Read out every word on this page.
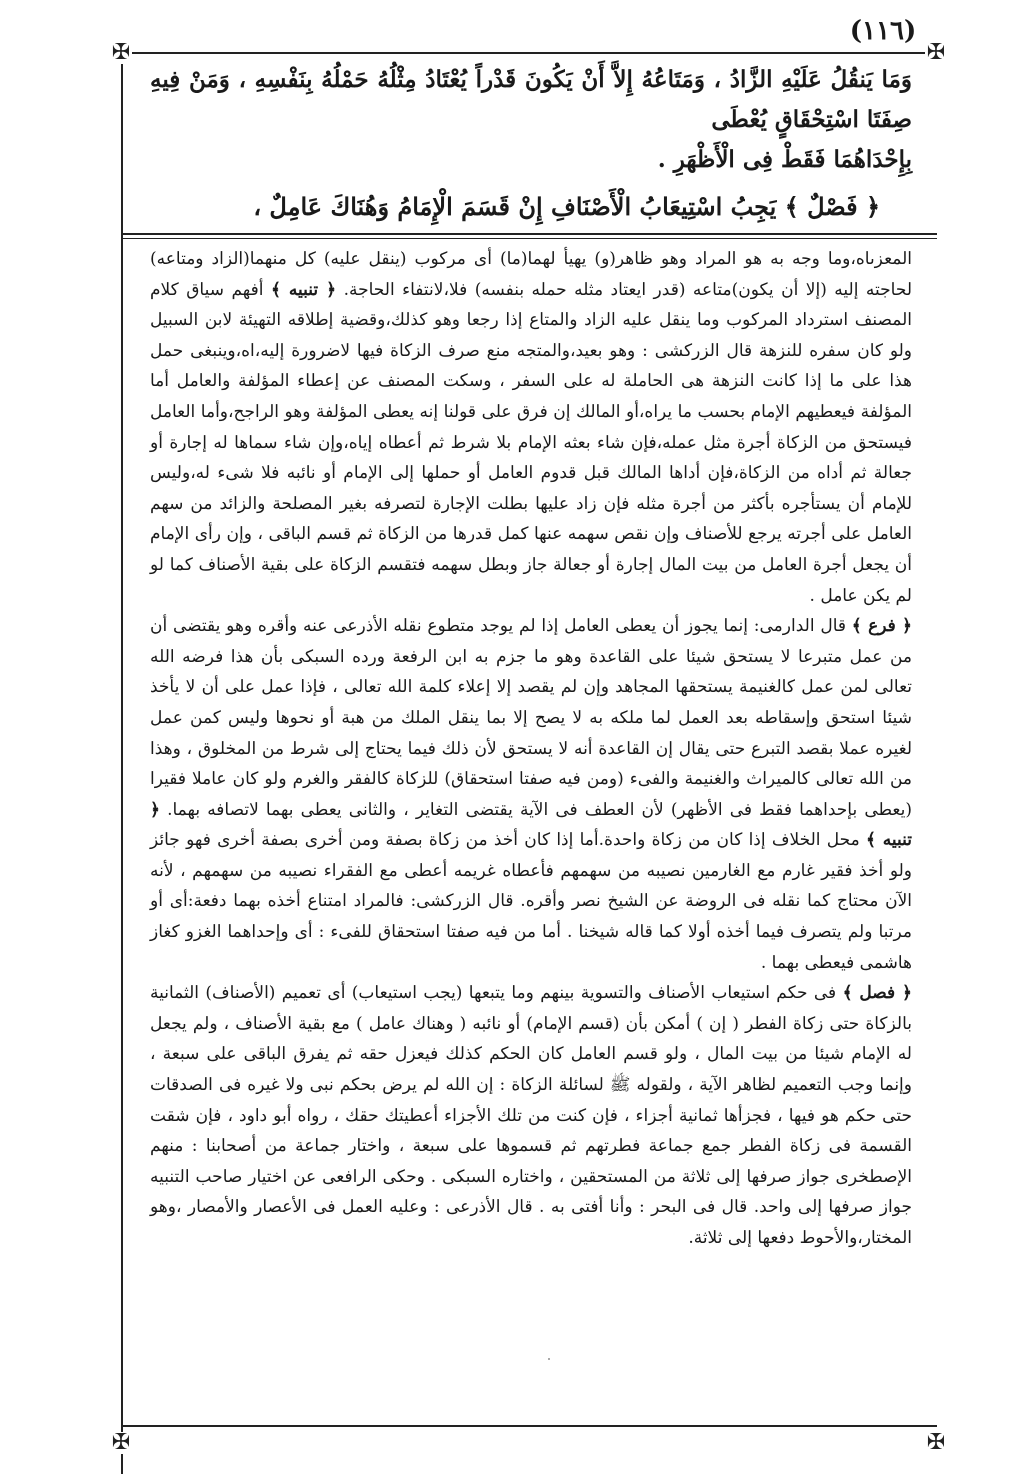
(١١٦)
✠	✠
✠	✠

وَمَا يَنقُلُ عَلَيْهِ الزَّادُ ، وَمَتَاعُهُ إِلاَّ أَنْ يَكُونَ قَدْراً يُعْتَادُ مِثْلُهُ حَمْلُهُ بِنَفْسِهِ ، وَمَنْ فِيهِ صِفَتَا اسْتِحْقَاقٍ يُعْطَى

بِإِحْدَاهُمَا فَقَطْ فِى الْأَظْهَرِ .

﴿ فَصْلٌ ﴾ يَجِبُ اسْتِيعَابُ الْأَصْنَافِ إِنْ قَسَمَ الْإِمَامُ وَهُنَاكَ عَامِلٌ ،

المعزىاه،وما وجه به هو المراد وهو ظاهر(و) يهيأ لهما(ما) أى مركوب (ينقل عليه) كل منهما(الزاد ومتاعه) لحاجته إليه (إلا أن يكون)متاعه (قدر ايعتاد مثله حمله بنفسه) فلا،لانتفاء الحاجة. ﴿ تنبيه ﴾ أفهم سياق كلام المصنف استرداد المركوب وما ينقل عليه الزاد والمتاع إذا رجعا وهو كذلك،وقضية إطلاقه التهيئة لابن السبيل ولو كان سفره للنزهة قال الزركشى : وهو بعيد،والمتجه منع صرف الزكاة فيها لاضرورة إليه،اه،وينبغى حمل هذا على ما إذا كانت النزهة هى الحاملة له على السفر ، وسكت المصنف عن إعطاء المؤلفة والعامل أما المؤلفة فيعطيهم الإمام بحسب ما يراه،أو المالك إن فرق على قولنا إنه يعطى المؤلفة وهو الراجح،وأما العامل فيستحق من الزكاة أجرة مثل عمله،فإن شاء بعثه الإمام بلا شرط ثم أعطاه إياه،وإن شاء سماها له إجارة أو جعالة ثم أداه من الزكاة،فإن أداها المالك قبل قدوم العامل أو حملها إلى الإمام أو نائبه فلا شىء له،وليس للإمام أن يستأجره بأكثر من أجرة مثله فإن زاد عليها بطلت الإجارة لتصرفه بغير المصلحة والزائد من سهم العامل على أجرته يرجع للأصناف وإن نقص سهمه عنها كمل قدرها من الزكاة ثم قسم الباقى ، وإن رأى الإمام أن يجعل أجرة العامل من بيت المال إجارة أو جعالة جاز وبطل سهمه فتقسم الزكاة على بقية الأصناف كما لو لم يكن عامل .

﴿ فرع ﴾ قال الدارمى: إنما يجوز أن يعطى العامل إذا لم يوجد متطوع نقله الأذرعى عنه وأقره وهو يقتضى أن من عمل متبرعا لا يستحق شيئا على القاعدة وهو ما جزم به ابن الرفعة ورده السبكى بأن هذا فرضه الله تعالى لمن عمل كالغنيمة يستحقها المجاهد وإن لم يقصد إلا إعلاء كلمة الله تعالى ، فإذا عمل على أن لا يأخذ شيئا استحق وإسقاطه بعد العمل لما ملكه به لا يصح إلا بما ينقل الملك من هبة أو نحوها وليس كمن عمل لغيره عملا بقصد التبرع حتى يقال إن القاعدة أنه لا يستحق لأن ذلك فيما يحتاج إلى شرط من المخلوق ، وهذا من الله تعالى كالميراث والغنيمة والفىء (ومن فيه صفتا استحقاق) للزكاة كالفقر والغرم ولو كان عاملا فقيرا (يعطى بإحداهما فقط فى الأظهر) لأن العطف فى الآية يقتضى التغاير ، والثانى يعطى بهما لاتصافه بهما. ﴿ تنبيه ﴾ محل الخلاف إذا كان من زكاة واحدة.أما إذا كان أخذ من زكاة بصفة ومن أخرى بصفة أخرى فهو جائز ولو أخذ فقير غارم مع الغارمين نصيبه من سهمهم فأعطاه غريمه أعطى مع الفقراء نصيبه من سهمهم ، لأنه الآن محتاج كما نقله فى الروضة عن الشيخ نصر وأقره. قال الزركشى: فالمراد امتناع أخذه بهما دفعة:أى أو مرتبا ولم يتصرف فيما أخذه أولا كما قاله شيخنا . أما من فيه صفتا استحقاق للفىء : أى وإحداهما الغزو كغاز هاشمى فيعطى بهما .

﴿ فصل ﴾ فى حكم استيعاب الأصناف والتسوية بينهم وما يتبعها (يجب استيعاب) أى تعميم (الأصناف) الثمانية بالزكاة حتى زكاة الفطر ( إن ) أمكن بأن (قسم الإمام) أو نائبه ( وهناك عامل ) مع بقية الأصناف ، ولم يجعل له الإمام شيئا من بيت المال ، ولو قسم العامل كان الحكم كذلك فيعزل حقه ثم يفرق الباقى على سبعة ، وإنما وجب التعميم لظاهر الآية ، ولقوله ﷺ لسائلة الزكاة : إن الله لم يرض بحكم نبى ولا غيره فى الصدقات حتى حكم هو فيها ، فجزأها ثمانية أجزاء ، فإن كنت من تلك الأجزاء أعطيتك حقك ، رواه أبو داود ، فإن شقت القسمة فى زكاة الفطر جمع جماعة فطرتهم ثم قسموها على سبعة ، واختار جماعة من أصحابنا : منهم الإصطخرى جواز صرفها إلى ثلاثة من المستحقين ، واختاره السبكى . وحكى الرافعى عن اختيار صاحب التنبيه جواز صرفها إلى واحد. قال فى البحر : وأنا أفتى به . قال الأذرعى : وعليه العمل فى الأعصار والأمصار ،وهو المختار،والأحوط دفعها إلى ثلاثة.
